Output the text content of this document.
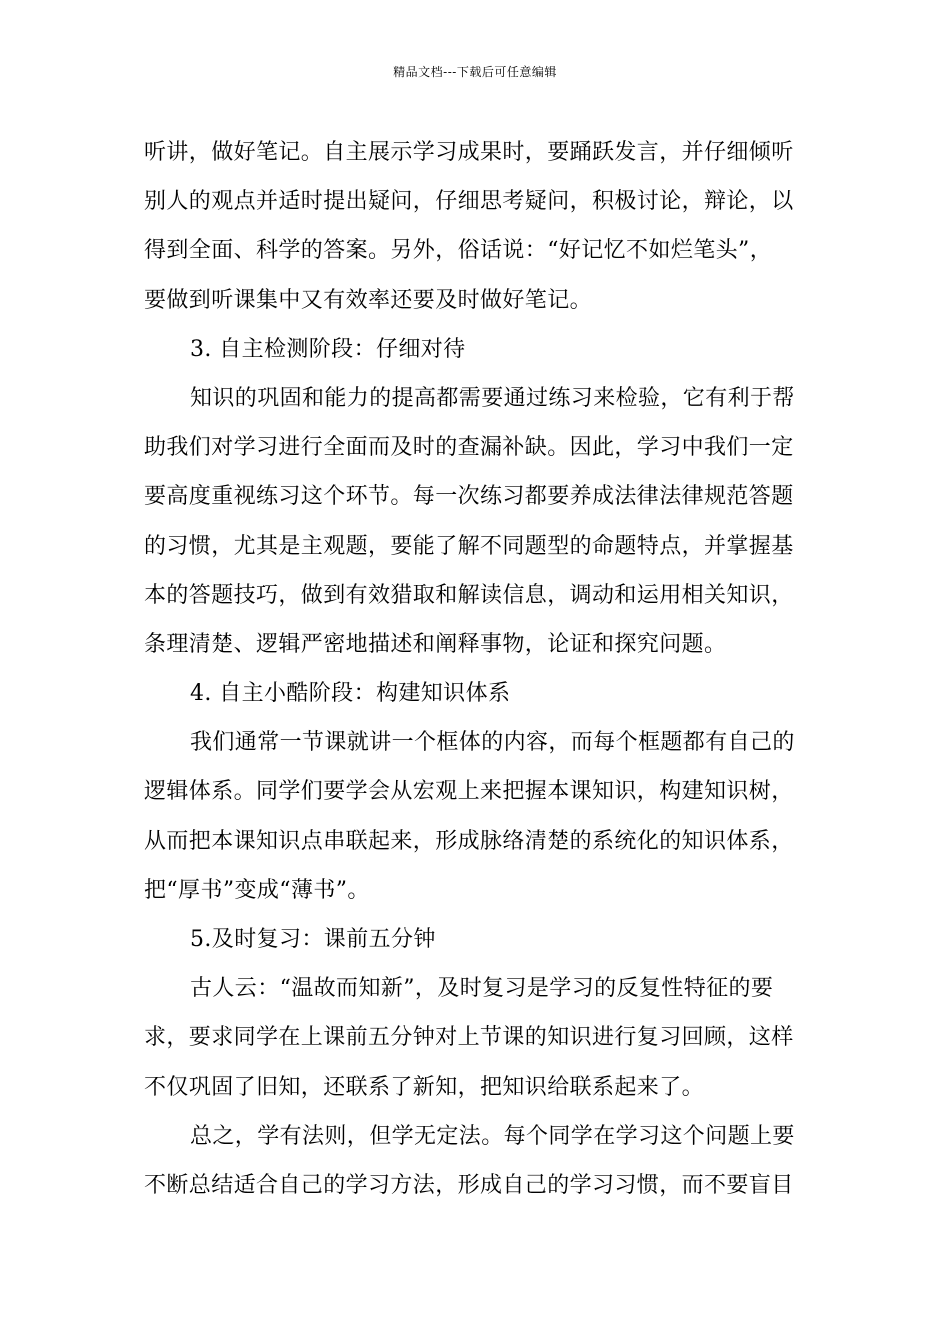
精品文档---下载后可任意编辑
听讲，做好笔记。自主展示学习成果时，要踊跃发言，并仔细倾听
别人的观点并适时提出疑问，仔细思考疑问，积极讨论，辩论，以
得到全面、科学的答案。另外，俗话说：“好记忆不如烂笔头”，
要做到听课集中又有效率还要及时做好笔记。
3. 自主检测阶段：仔细对待
知识的巩固和能力的提高都需要通过练习来检验，它有利于帮
助我们对学习进行全面而及时的查漏补缺。因此，学习中我们一定
要高度重视练习这个环节。每一次练习都要养成法律法律规范答题
的习惯，尤其是主观题，要能了解不同题型的命题特点，并掌握基
本的答题技巧，做到有效猎取和解读信息，调动和运用相关知识，
条理清楚、逻辑严密地描述和阐释事物，论证和探究问题。
4. 自主小酷阶段：构建知识体系
我们通常一节课就讲一个框体的内容，而每个框题都有自己的
逻辑体系。同学们要学会从宏观上来把握本课知识，构建知识树，
从而把本课知识点串联起来，形成脉络清楚的系统化的知识体系，
把“厚书”变成“薄书”。
5.及时复习：课前五分钟
古人云：“温故而知新”，及时复习是学习的反复性特征的要
求，要求同学在上课前五分钟对上节课的知识进行复习回顾，这样
不仅巩固了旧知，还联系了新知，把知识给联系起来了。
总之，学有法则，但学无定法。每个同学在学习这个问题上要
不断总结适合自己的学习方法，形成自己的学习习惯，而不要盲目
